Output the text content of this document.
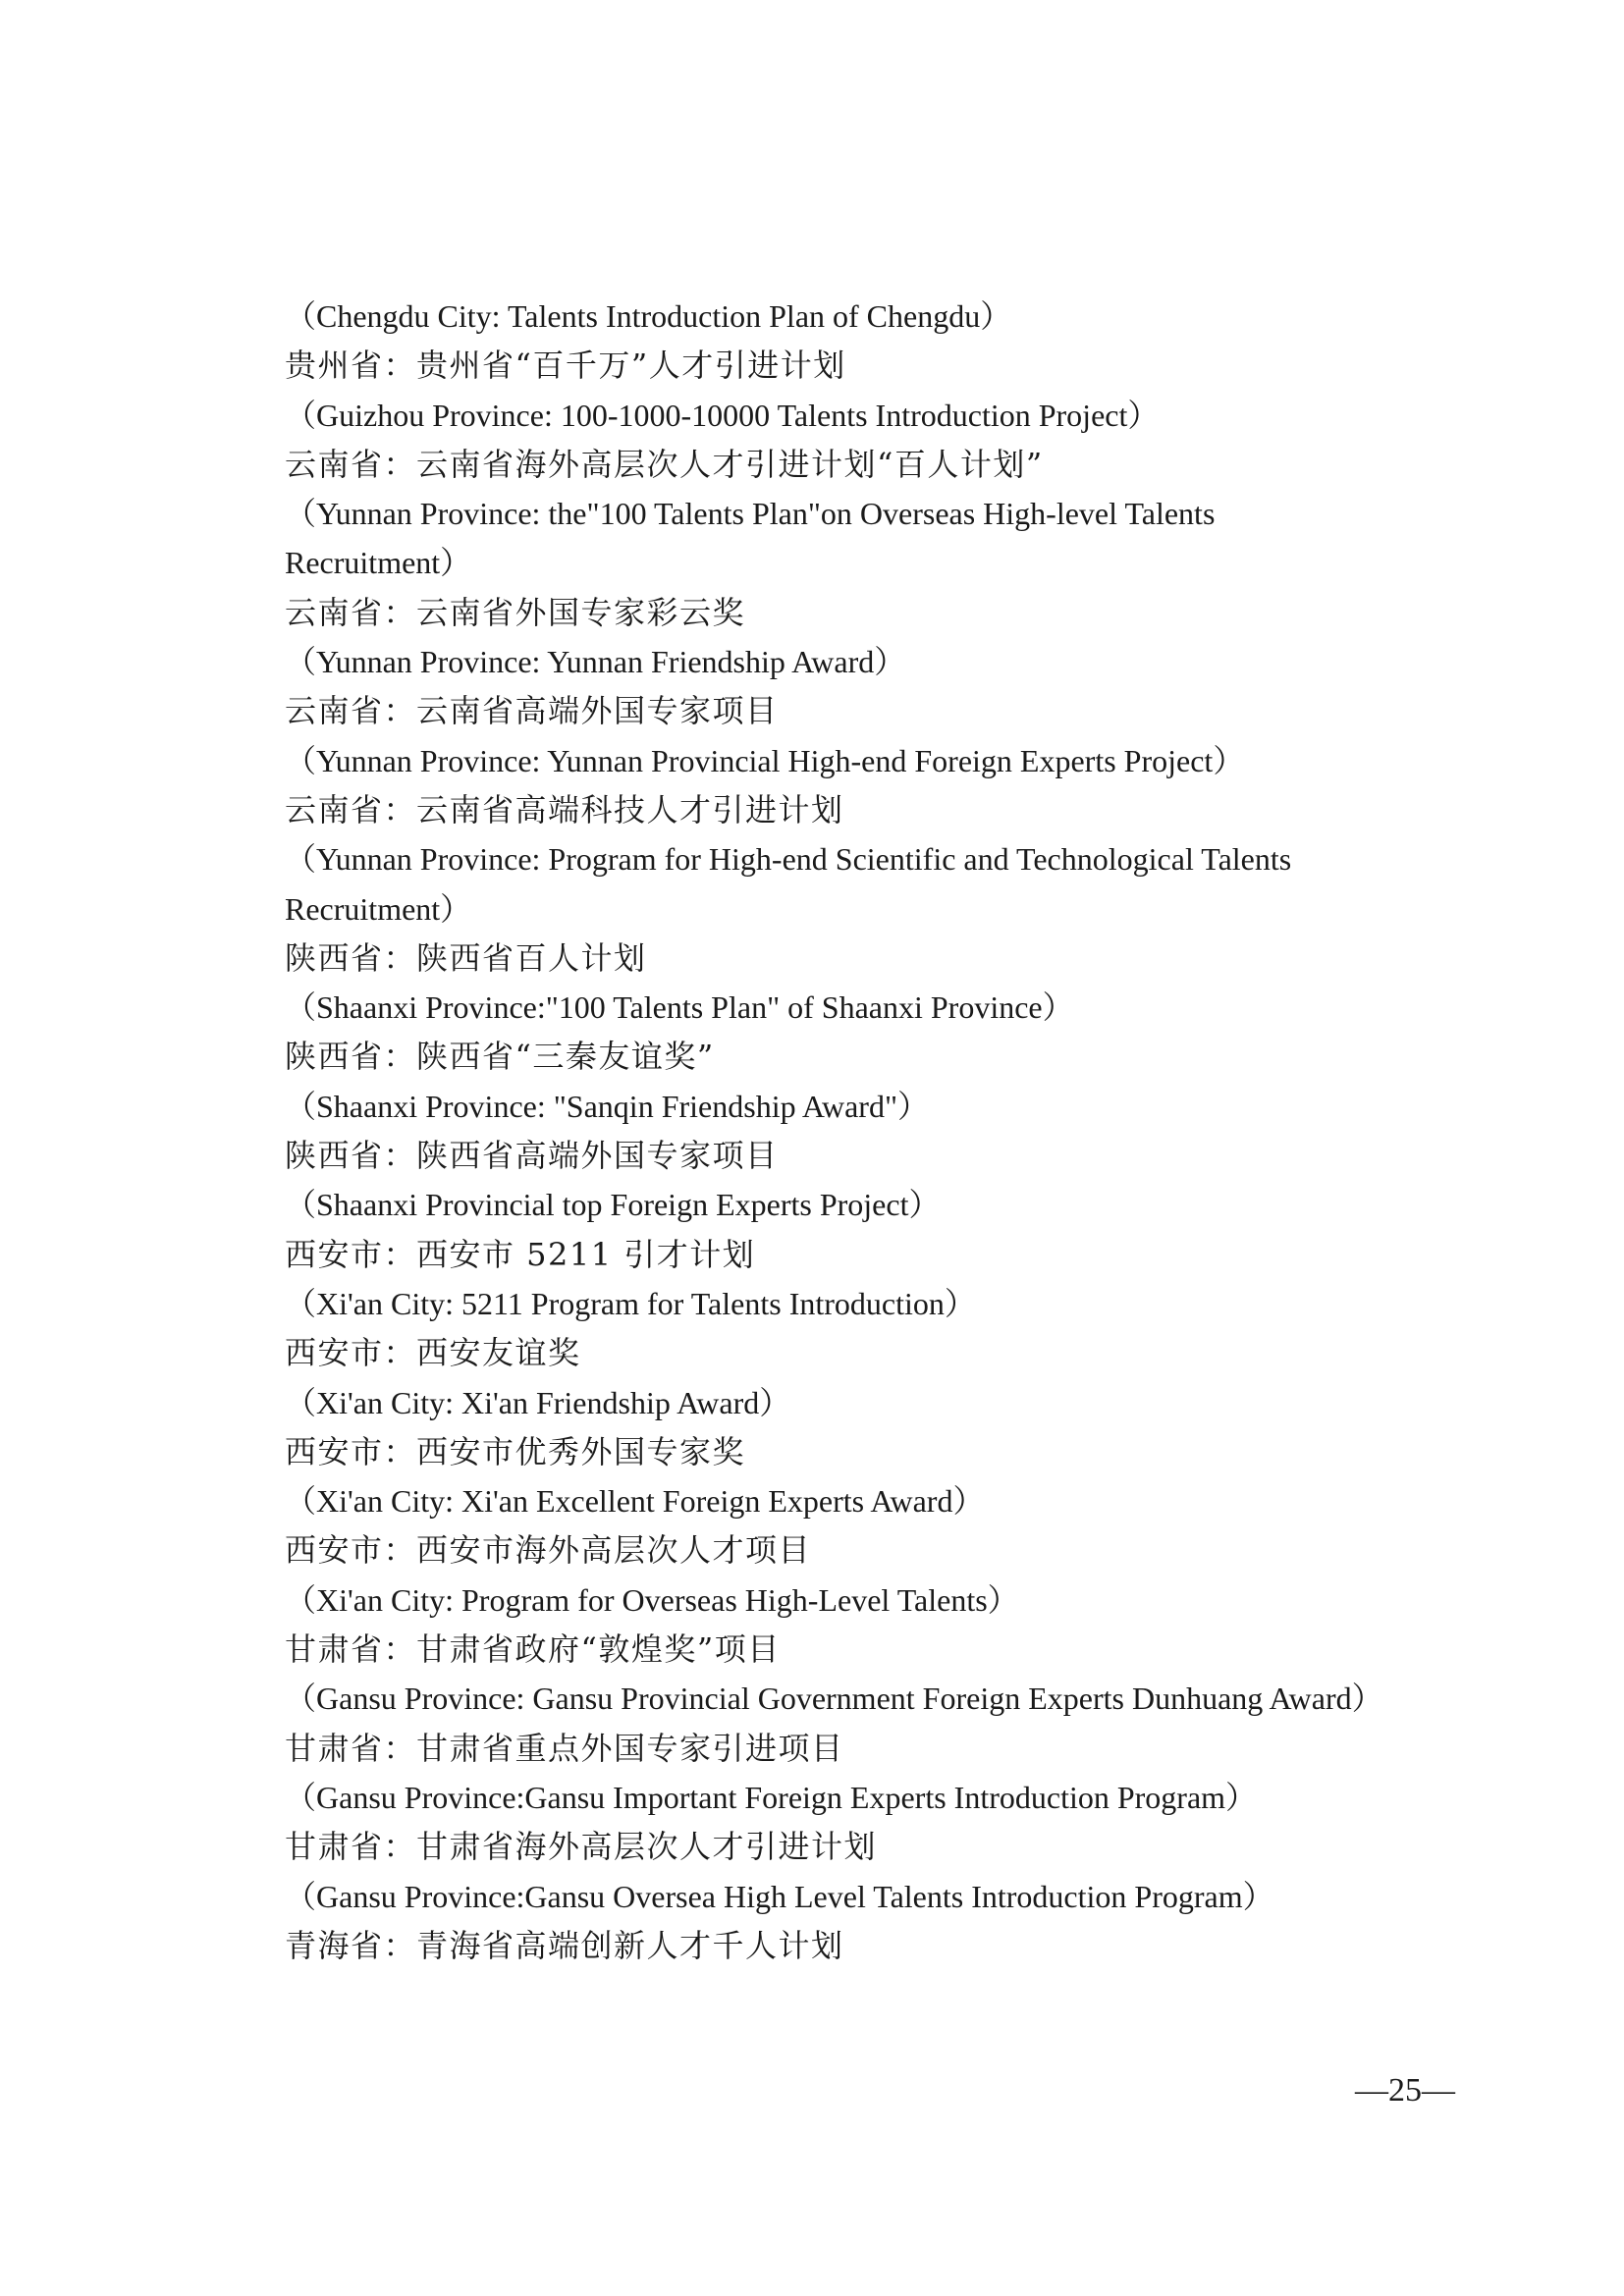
（Chengdu City: Talents Introduction Plan of Chengdu）
贵州省：贵州省“百千万”人才引进计划
（Guizhou Province: 100-1000-10000 Talents Introduction Project）
云南省：云南省海外高层次人才引进计划“百人计划”
（Yunnan Province: the"100 Talents Plan"on Overseas High-level Talents
Recruitment）
云南省：云南省外国专家彩云奖
（Yunnan Province: Yunnan Friendship Award）
云南省：云南省高端外国专家项目
（Yunnan Province: Yunnan Provincial High-end Foreign Experts Project）
云南省：云南省高端科技人才引进计划
（Yunnan Province: Program for High-end Scientific and Technological Talents
Recruitment）
陕西省：陕西省百人计划
（Shaanxi Province:"100 Talents Plan" of Shaanxi Province）
陕西省：陕西省“三秦友谊奖”
（Shaanxi Province: "Sanqin Friendship Award"）
陕西省：陕西省高端外国专家项目
（Shaanxi Provincial top Foreign Experts Project）
西安市：西安市 5211 引才计划
（Xi'an City: 5211 Program for Talents Introduction）
西安市：西安友谊奖
（Xi'an City: Xi'an Friendship Award）
西安市：西安市优秀外国专家奖
（Xi'an City: Xi'an Excellent Foreign Experts Award）
西安市：西安市海外高层次人才项目
（Xi'an City: Program for Overseas High-Level Talents）
甘肃省：甘肃省政府“敦煌奖”项目
（Gansu Province: Gansu Provincial Government Foreign Experts Dunhuang Award）
甘肃省：甘肃省重点外国专家引进项目
（Gansu Province:Gansu Important Foreign Experts Introduction Program）
甘肃省：甘肃省海外高层次人才引进计划
（Gansu Province:Gansu Oversea High Level Talents Introduction Program）
青海省：青海省高端创新人才千人计划
—25—
